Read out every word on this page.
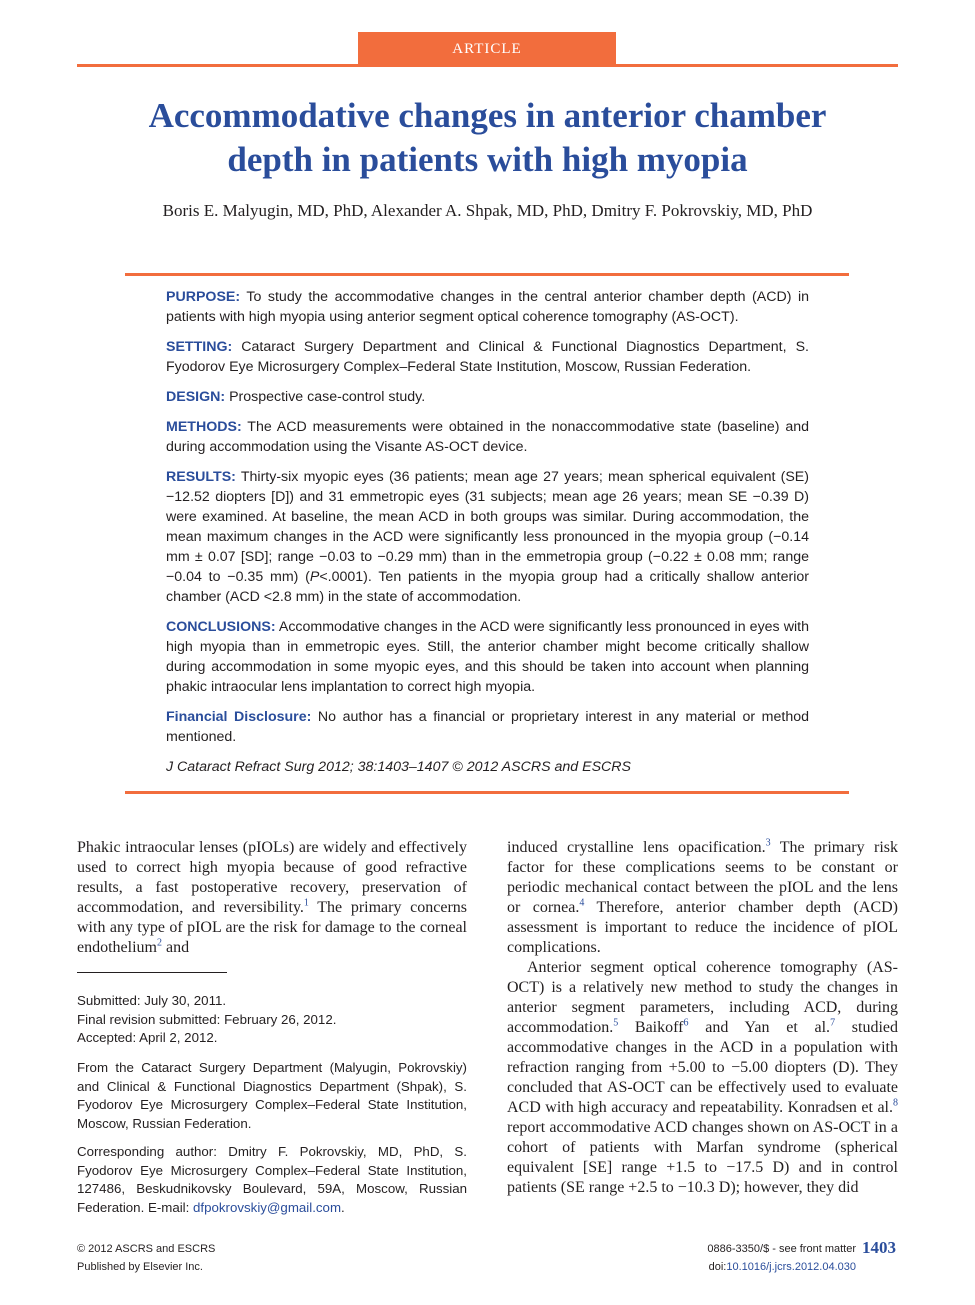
ARTICLE
Accommodative changes in anterior chamber
depth in patients with high myopia
Boris E. Malyugin, MD, PhD, Alexander A. Shpak, MD, PhD, Dmitry F. Pokrovskiy, MD, PhD

PURPOSE: To study the accommodative changes in the central anterior chamber depth (ACD) in patients with high myopia using anterior segment optical coherence tomography (AS-OCT).

SETTING: Cataract Surgery Department and Clinical & Functional Diagnostics Department, S. Fyodorov Eye Microsurgery Complex–Federal State Institution, Moscow, Russian Federation.

DESIGN: Prospective case-control study.

METHODS: The ACD measurements were obtained in the nonaccommodative state (baseline) and during accommodation using the Visante AS-OCT device.

RESULTS: Thirty-six myopic eyes (36 patients; mean age 27 years; mean spherical equivalent (SE) −12.52 diopters [D]) and 31 emmetropic eyes (31 subjects; mean age 26 years; mean SE −0.39 D) were examined. At baseline, the mean ACD in both groups was similar. During accommodation, the mean maximum changes in the ACD were significantly less pronounced in the myopia group (−0.14 mm ± 0.07 [SD]; range −0.03 to −0.29 mm) than in the emmetropia group (−0.22 ± 0.08 mm; range −0.04 to −0.35 mm) (P<.0001). Ten patients in the myopia group had a critically shallow anterior chamber (ACD <2.8 mm) in the state of accommodation.

CONCLUSIONS: Accommodative changes in the ACD were significantly less pronounced in eyes with high myopia than in emmetropic eyes. Still, the anterior chamber might become critically shallow during accommodation in some myopic eyes, and this should be taken into account when planning phakic intraocular lens implantation to correct high myopia.

Financial Disclosure: No author has a financial or proprietary interest in any material or method mentioned.

J Cataract Refract Surg 2012; 38:1403–1407 © 2012 ASCRS and ESCRS

Phakic intraocular lenses (pIOLs) are widely and effectively used to correct high myopia because of good refractive results, a fast postoperative recovery, preservation of accommodation, and reversibility.$^1$ The primary concerns with any type of pIOL are the risk for damage to the corneal endothelium$^2$ and

Submitted: July 30, 2011.
Final revision submitted: February 26, 2012.
Accepted: April 2, 2012.
From the Cataract Surgery Department (Malyugin, Pokrovskiy) and Clinical & Functional Diagnostics Department (Shpak), S. Fyodorov Eye Microsurgery Complex–Federal State Institution, Moscow, Russian Federation.
Corresponding author: Dmitry F. Pokrovskiy, MD, PhD, S. Fyodorov Eye Microsurgery Complex–Federal State Institution, 127486, Beskudnikovsky Boulevard, 59A, Moscow, Russian Federation. E-mail: dfpokrovskiy@gmail.com.

induced crystalline lens opacification.$^3$ The primary risk factor for these complications seems to be constant or periodic mechanical contact between the pIOL and the lens or cornea.$^4$ Therefore, anterior chamber depth (ACD) assessment is important to reduce the incidence of pIOL complications.

Anterior segment optical coherence tomography (AS-OCT) is a relatively new method to study the changes in anterior segment parameters, including ACD, during accommodation.$^5$ Baikoff$^6$ and Yan et al.$^7$ studied accommodative changes in the ACD in a population with refraction ranging from +5.00 to −5.00 diopters (D). They concluded that AS-OCT can be effectively used to evaluate ACD with high accuracy and repeatability. Konradsen et al.$^8$ report accommodative ACD changes shown on AS-OCT in a cohort of patients with Marfan syndrome (spherical equivalent [SE] range +1.5 to −17.5 D) and in control patients (SE range +2.5 to −10.3 D); however, they did

© 2012 ASCRS and ESCRS
Published by Elsevier Inc.
0886-3350/$ - see front matter 1403
doi:10.1016/j.jcrs.2012.04.030
